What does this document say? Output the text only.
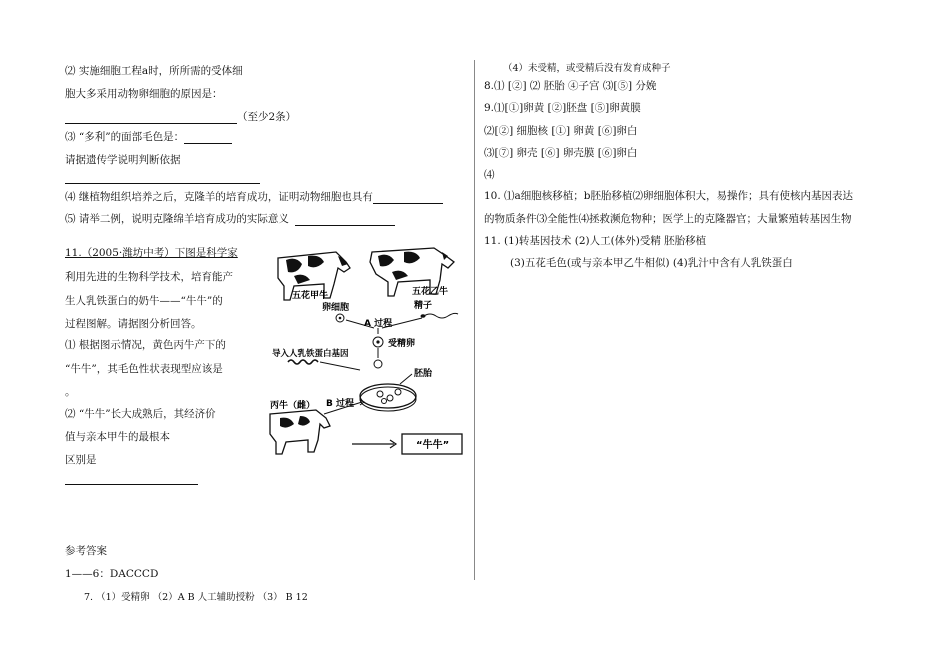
⑵ 实施细胞工程a时，所所需的受体细
胞大多采用动物卵细胞的原因是：
（至少2条）
⑶ “多利”的面部毛色是：
请据遗传学说明判断依据
⑷ 继植物组织培养之后，克隆羊的培育成功，证明动物细胞也具有
⑸ 请举二例，说明克隆绵羊培育成功的实际意义
11.（2005·潍坊中考）下图是科学家
利用先进的生物科学技术，培育能产
生人乳铁蛋白的奶牛——“牛牛”的
过程图解。请据图分析回答。
⑴ 根据图示情况，黄色丙牛产下的
“牛牛”，其毛色性状表现型应该是
。
⑵ “牛牛”长大成熟后，其经济价
值与亲本甲牛的最根本
区别是
参考答案
1——6：DACCCD
7. （1）受精卵 （2）A B 人工辅助授粉 （3） B 12
五花甲牛	五花乙牛
卵细胞	精子
A 过程
受精卵
导入人乳铁蛋白基因
胚胎
丙牛（雌） B 过程
“牛牛”
（4）未受精，或受精后没有发育成种子
8.⑴ [②] ⑵ 胚胎 ④子宫 ⑶[⑤] 分娩
9.⑴[①]卵黄 [②]胚盘 [⑤]卵黄膜
⑵[②] 细胞核 [①] 卵黄 [⑥]卵白
⑶[⑦] 卵壳 [⑥] 卵壳膜 [⑥]卵白
⑷
10. ⑴a细胞核移植；b胚胎移植⑵卵细胞体积大，易操作；具有使核内基因表达
的物质条件⑶全能性⑷拯救濒危物种；医学上的克隆器官；大量繁殖转基因生物
11. (1)转基因技术 (2)人工(体外)受精 胚胎移植
(3)五花毛色(或与亲本甲乙牛相似) (4)乳汁中含有人乳铁蛋白
